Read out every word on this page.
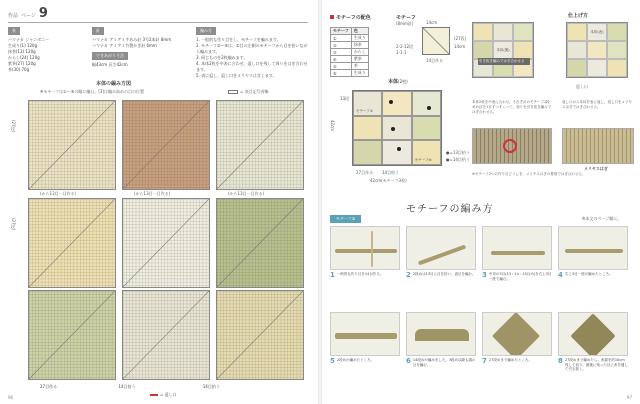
作品 ページ 9
糸
ハマナカ ジャンボニー
生成り(1) 120g
抹茶(12) 120g
からし(24) 120g
紫茶(27) 120g
茶(30) 70g
針
ハマナカ アミアミ手あみ針 3号2本針 8mm
ハマナカ アミアミ竹製かぎ針 6mm
できあがり寸法
幅43cm 長さ42cm
編み方
1. 一般的な作り目をし、モチーフを編みます。
2. モチーフ②～⑨は、①目の左側のモチーフから目を拾いながら編みます。
3. 同じものを2枚編みます。
4. 本体2枚を中表に合わせ、返し口を残して周りをはぎ合わせます。
5. 表に返し、返し口をメリヤスはぎします。
本体の編み方図
※モチーフは①～⑨の順に編む。[3]は編み始めの目の位置	= 表目記号省略
(から13目一目作る)	(から13目一目作る)	(から13目一目作る)
(27段)
(27段)
27目作る	14目拾う	14目拾う
= 返し口
96
モチーフの配色
モチーフ	色
①	生成り
②	抹茶
③	からし
④	紫茶
⑤	茶
⑥	生成り
モチーフ
(8mm針)	14cm
(27段)
2-2-12段	14cm
1-1-1
14目作る
本体(2枚)
42cm
13段
モチーフ①
モチーフ⑨
27目作る 14目拾う
42cm(モチーフ3枚)
●=13目拾う
●=14目拾う
仕上げ方
本体(裏)
引き抜き編みではぎ合わせる
本体(表)
返し口
本体2枚を中表に合わせ、それぞれのモチーフ1段めの目を1目ずつすくって、周りを引き抜き編みではぎ合わせる。
返し口から本体を表に返し、返し口をメリヤスはぎではぎ合わせる。
メリヤスはぎ
※モチーフ2つの作り目どうしを、メリヤスはぎの要領ではぎ合わせる。
モチーフの編み方
モチーフ①	※本文のページ順に。
1 一般的な作り目を14目作る。	2 2段めは13目に目を拾い、表目を編む。 3 中央の3目(13・14・15目め)を右上3目一度で編む。	4 右上3目一度が編めたところ。
5 2段めが編めたところ。	6 14段めが編めました。3段め以降も端の目を編む。	7 27段めまで編めたところ。	8 27段めまで編めたら、糸端を約10cm残して切り、最後に残った目に糸を通して引き抜く。
97
